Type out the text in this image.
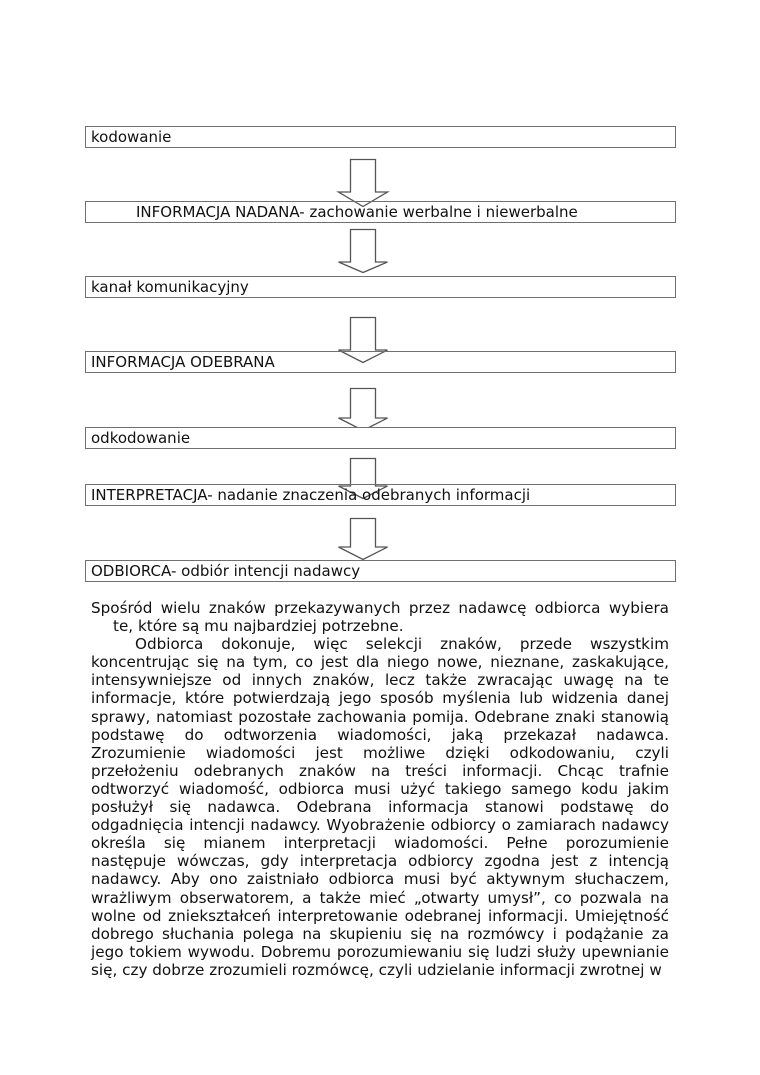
kodowanie
INFORMACJA NADANA- zachowanie werbalne i niewerbalne
kanał komunikacyjny
INFORMACJA ODEBRANA
odkodowanie
INTERPRETACJA- nadanie znaczenia odebranych informacji
ODBIORCA- odbiór intencji nadawcy

Spośród wielu znaków przekazywanych przez nadawcę odbiorca wybiera te, które są mu najbardziej potrzebne.

Odbiorca dokonuje, więc selekcji znaków, przede wszystkim koncentrując się na tym, co jest dla niego nowe, nieznane, zaskakujące, intensywniejsze od innych znaków, lecz także zwracając uwagę na te informacje, które potwierdzają jego sposób myślenia lub widzenia danej sprawy, natomiast pozostałe zachowania pomija. Odebrane znaki stanowią podstawę do odtworzenia wiadomości, jaką przekazał nadawca. Zrozumienie wiadomości jest możliwe dzięki odkodowaniu, czyli przełożeniu odebranych znaków na treści informacji. Chcąc trafnie odtworzyć wiadomość, odbiorca musi użyć takiego samego kodu jakim posłużył się nadawca. Odebrana informacja stanowi podstawę do odgadnięcia intencji nadawcy. Wyobrażenie odbiorcy o zamiarach nadawcy określa się mianem interpretacji wiadomości. Pełne porozumienie następuje wówczas, gdy interpretacja odbiorcy zgodna jest z intencją nadawcy. Aby ono zaistniało odbiorca musi być aktywnym słuchaczem, wrażliwym obserwatorem, a także mieć „otwarty umysł”, co pozwala na wolne od zniekształceń interpretowanie odebranej informacji. Umiejętność dobrego słuchania polega na skupieniu się na rozmówcy i podążanie za jego tokiem wywodu. Dobremu porozumiewaniu się ludzi służy upewnianie się, czy dobrze zrozumieli rozmówcę, czyli udzielanie informacji zwrotnej w
